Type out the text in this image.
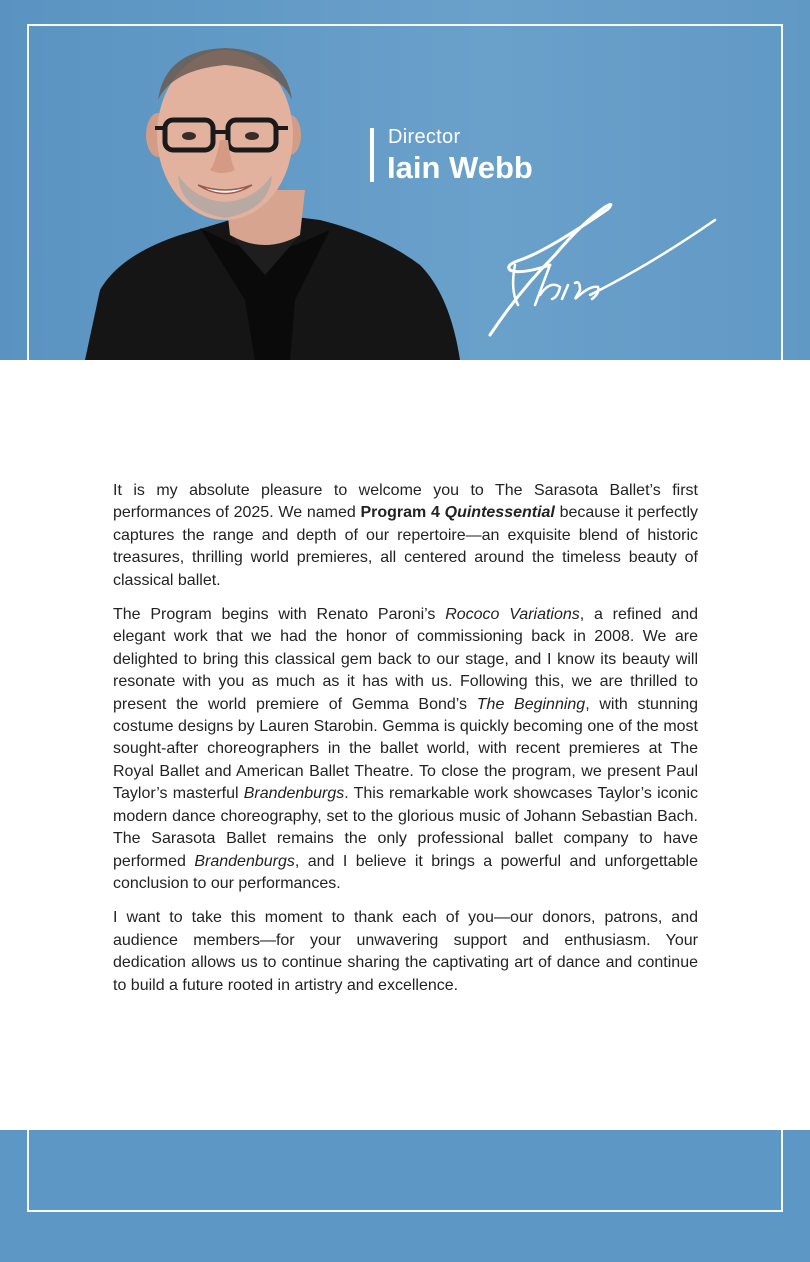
Director
Iain Webb

It is my absolute pleasure to welcome you to The Sarasota Ballet’s first performances of 2025. We named Program 4 Quintessential because it perfectly captures the range and depth of our repertoire—an exquisite blend of historic treasures, thrilling world premieres, all centered around the timeless beauty of classical ballet.

The Program begins with Renato Paroni’s Rococo Variations, a refined and elegant work that we had the honor of commissioning back in 2008. We are delighted to bring this classical gem back to our stage, and I know its beauty will resonate with you as much as it has with us. Following this, we are thrilled to present the world premiere of Gemma Bond’s The Beginning, with stunning costume designs by Lauren Starobin. Gemma is quickly becoming one of the most sought-after choreographers in the ballet world, with recent premieres at The Royal Ballet and American Ballet Theatre. To close the program, we present Paul Taylor’s masterful Brandenburgs. This remarkable work showcases Taylor’s iconic modern dance choreography, set to the glorious music of Johann Sebastian Bach. The Sarasota Ballet remains the only professional ballet company to have performed Brandenburgs, and I believe it brings a powerful and unforgettable conclusion to our performances.

I want to take this moment to thank each of you—our donors, patrons, and audience members—for your unwavering support and enthusiasm. Your dedication allows us to continue sharing the captivating art of dance and continue to build a future rooted in artistry and excellence.
